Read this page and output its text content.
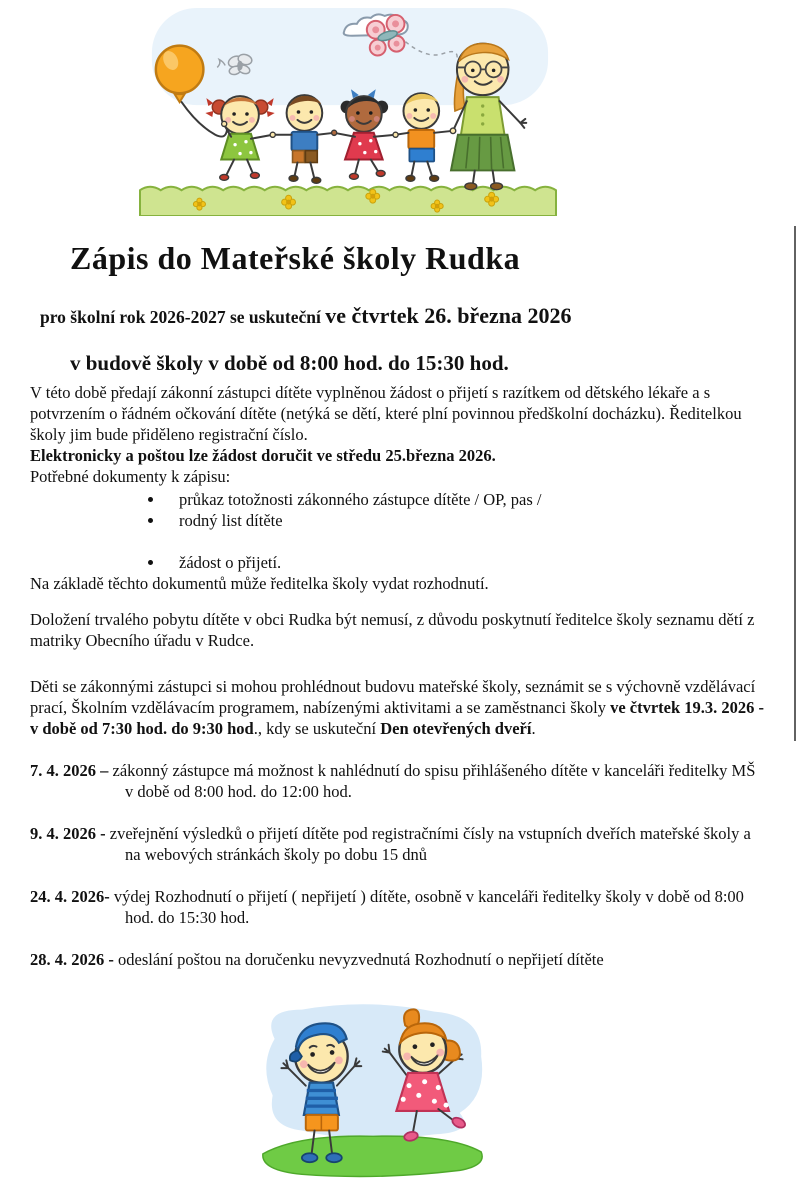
Zápis do Mateřské školy Rudka
pro školní rok 2026-2027 se uskuteční ve čtvrtek 26. března 2026
v budově školy v době od 8:00 hod. do 15:30 hod.

V této době předají zákonní zástupci dítěte vyplněnou žádost o přijetí s razítkem od dětského lékaře a s potvrzením o řádném očkování dítěte (netýká se dětí, které plní povinnou předškolní docházku). Ředitelkou školy jim bude přiděleno registrační číslo.

Elektronicky a poštou lze žádost doručit ve středu 25.března 2026.

Potřebné dokumenty k zápisu:

• průkaz totožnosti zákonného zástupce dítěte / OP, pas /
• rodný list dítěte
• žádost o přijetí.

Na základě těchto dokumentů může ředitelka školy vydat rozhodnutí.

Doložení trvalého pobytu dítěte v obci Rudka být nemusí, z důvodu poskytnutí ředitelce školy seznamu dětí z matriky Obecního úřadu v Rudce.

Děti se zákonnými zástupci si mohou prohlédnout budovu mateřské školy, seznámit se s výchovně vzdělávací prací, Školním vzdělávacím programem, nabízenými aktivitami a se zaměstnanci školy ve čtvrtek 19.3. 2026 - v době od 7:30 hod. do 9:30 hod., kdy se uskuteční Den otevřených dveří.

7. 4. 2026 – zákonný zástupce má možnost k nahlédnutí do spisu přihlášeného dítěte v kanceláři ředitelky MŠ v době od 8:00 hod. do 12:00 hod.

9. 4. 2026 - zveřejnění výsledků o přijetí dítěte pod registračními čísly na vstupních dveřích mateřské školy a na webových stránkách školy po dobu 15 dnů

24. 4. 2026- výdej Rozhodnutí o přijetí ( nepřijetí ) dítěte, osobně v kanceláři ředitelky školy v době od 8:00 hod. do 15:30 hod.

28. 4. 2026 - odeslání poštou na doručenku nevyzvednutá Rozhodnutí o nepřijetí dítěte
